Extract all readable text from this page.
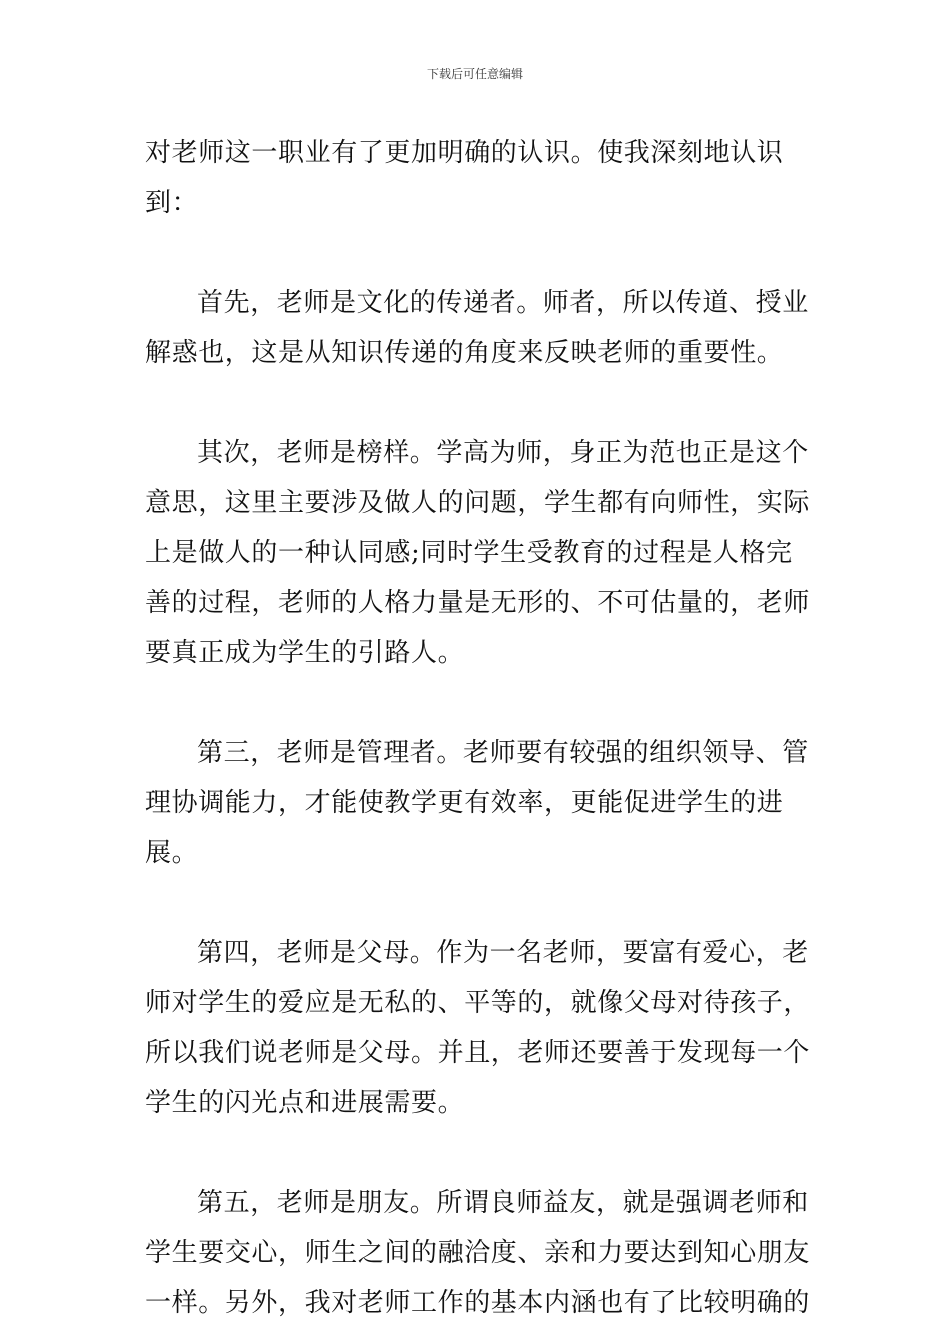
下载后可任意编辑

对老师这一职业有了更加明确的认识。使我深刻地认识到：

首先，老师是文化的传递者。师者，所以传道、授业解惑也，这是从知识传递的角度来反映老师的重要性。

其次，老师是榜样。学高为师，身正为范也正是这个意思，这里主要涉及做人的问题，学生都有向师性，实际上是做人的一种认同感;同时学生受教育的过程是人格完善的过程，老师的人格力量是无形的、不可估量的，老师要真正成为学生的引路人。

第三，老师是管理者。老师要有较强的组织领导、管理协调能力，才能使教学更有效率，更能促进学生的进展。

第四，老师是父母。作为一名老师，要富有爱心，老师对学生的爱应是无私的、平等的，就像父母对待孩子，所以我们说老师是父母。并且，老师还要善于发现每一个学生的闪光点和进展需要。

第五，老师是朋友。所谓良师益友，就是强调老师和学生要交心，师生之间的融洽度、亲和力要达到知心朋友一样。另外，我对老师工作的基本内涵也有了比较明确的
